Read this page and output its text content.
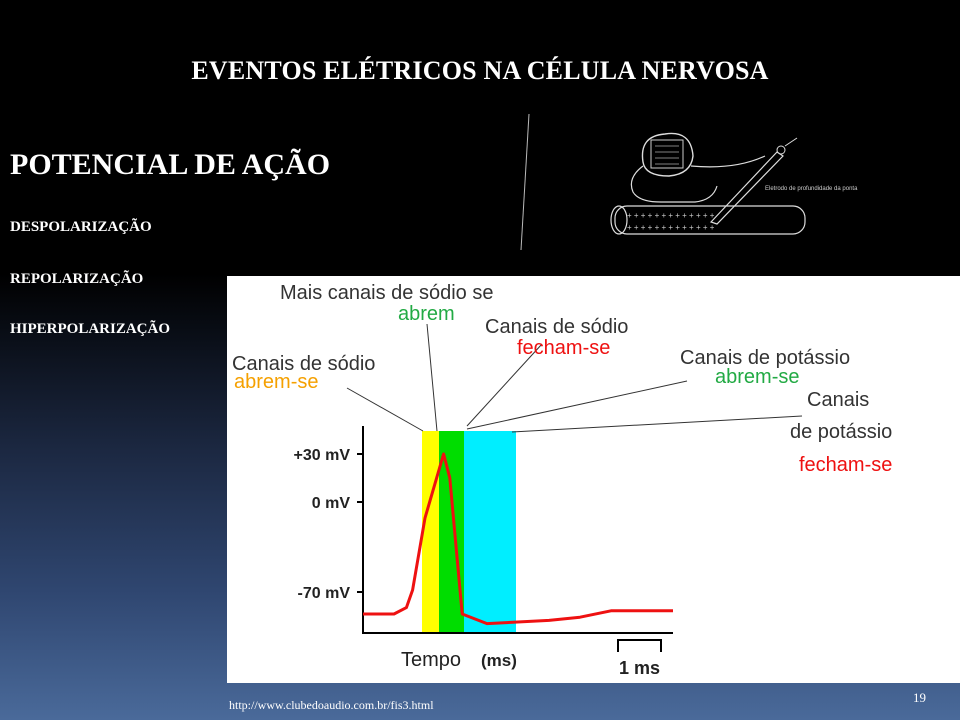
EVENTOS ELÉTRICOS NA CÉLULA NERVOSA
POTENCIAL DE AÇÃO
DESPOLARIZAÇÃO
REPOLARIZAÇÃO
HIPERPOLARIZAÇÃO
+ + + + + + + + + + + + +
+ + + + + + + + + + + + +
Eletrodo de profundidade da ponta
+30 mV
0 mV
-70 mV
Tempo (ms)	1 ms
Canais de sódio
abrem-se
Mais canais de sódio se
abrem
Canais de sódio
fecham-se	Canais de potássio
abrem-se
Canais
de potássio
fecham-se
http://www.clubedoaudio.com.br/fis3.html	19
